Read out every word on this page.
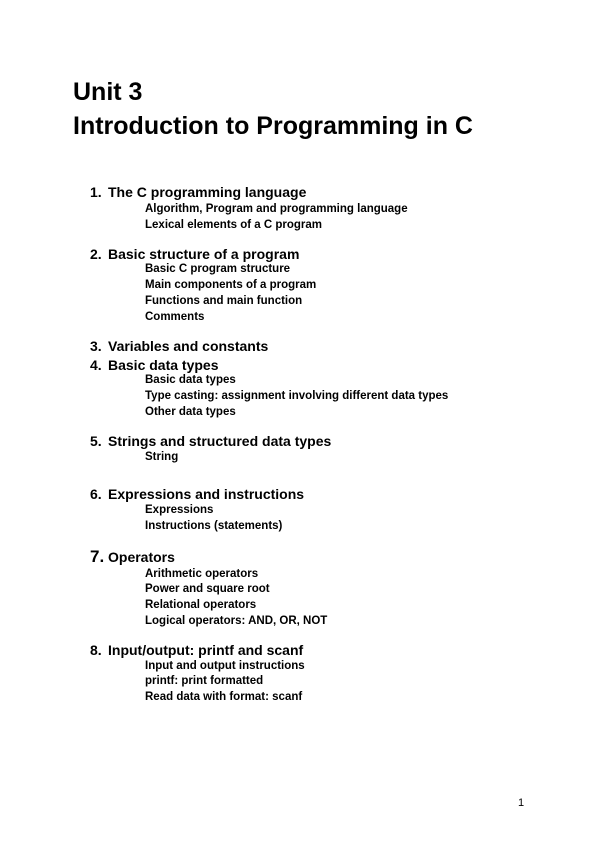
Unit 3
Introduction to Programming in C
1. The C programming language
Algorithm, Program and programming language
Lexical elements of a C program
2. Basic structure of a program
Basic C program structure
Main components of a program
Functions and main function
Comments
3. Variables and constants
4. Basic data types
Basic data types
Type casting: assignment involving different data types
Other data types
5. Strings and structured data types
String
6. Expressions and instructions
Expressions
Instructions (statements)
7. Operators
Arithmetic operators
Power and square root
Relational operators
Logical operators: AND, OR, NOT
8. Input/output: printf and scanf
Input and output instructions
printf: print formatted
Read data with format: scanf
1
